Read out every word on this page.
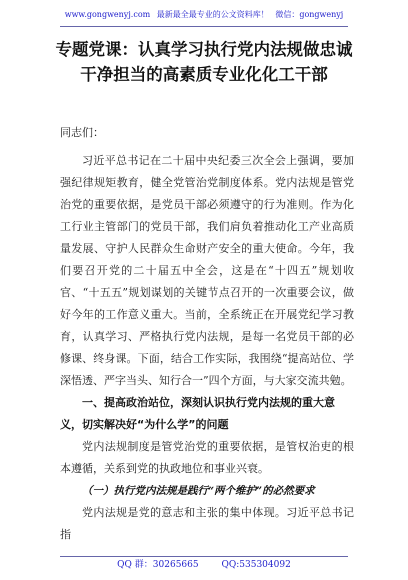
www.gongwenyj.com 最新最全最专业的公文资料库！ 微信：gongwenyj
专题党课：认真学习执行党内法规做忠诚
干净担当的高素质专业化化工干部

同志们：

习近平总书记在二十届中央纪委三次全会上强调，要加强纪律规矩教育，健全党管治党制度体系。党内法规是管党治党的重要依据，是党员干部必须遵守的行为准则。作为化工行业主管部门的党员干部，我们肩负着推动化工产业高质量发展、守护人民群众生命财产安全的重大使命。今年，我们要召开党的二十届五中全会，这是在“十四五”规划收官、“十五五”规划谋划的关键节点召开的一次重要会议，做好今年的工作意义重大。当前，全系统正在开展党纪学习教育，认真学习、严格执行党内法规，是每一名党员干部的必修课、终身课。下面，结合工作实际，我围绕“提高站位、学深悟透、严字当头、知行合一”四个方面，与大家交流共勉。

一、提高政治站位，深刻认识执行党内法规的重大意义，切实解决好“为什么学”的问题

党内法规制度是管党治党的重要依据，是管权治吏的根本遵循，关系到党的执政地位和事业兴衰。

（一）执行党内法规是践行“两个维护”的必然要求

党内法规是党的意志和主张的集中体现。习近平总书记指

QQ 群：30265665	QQ:535304092
